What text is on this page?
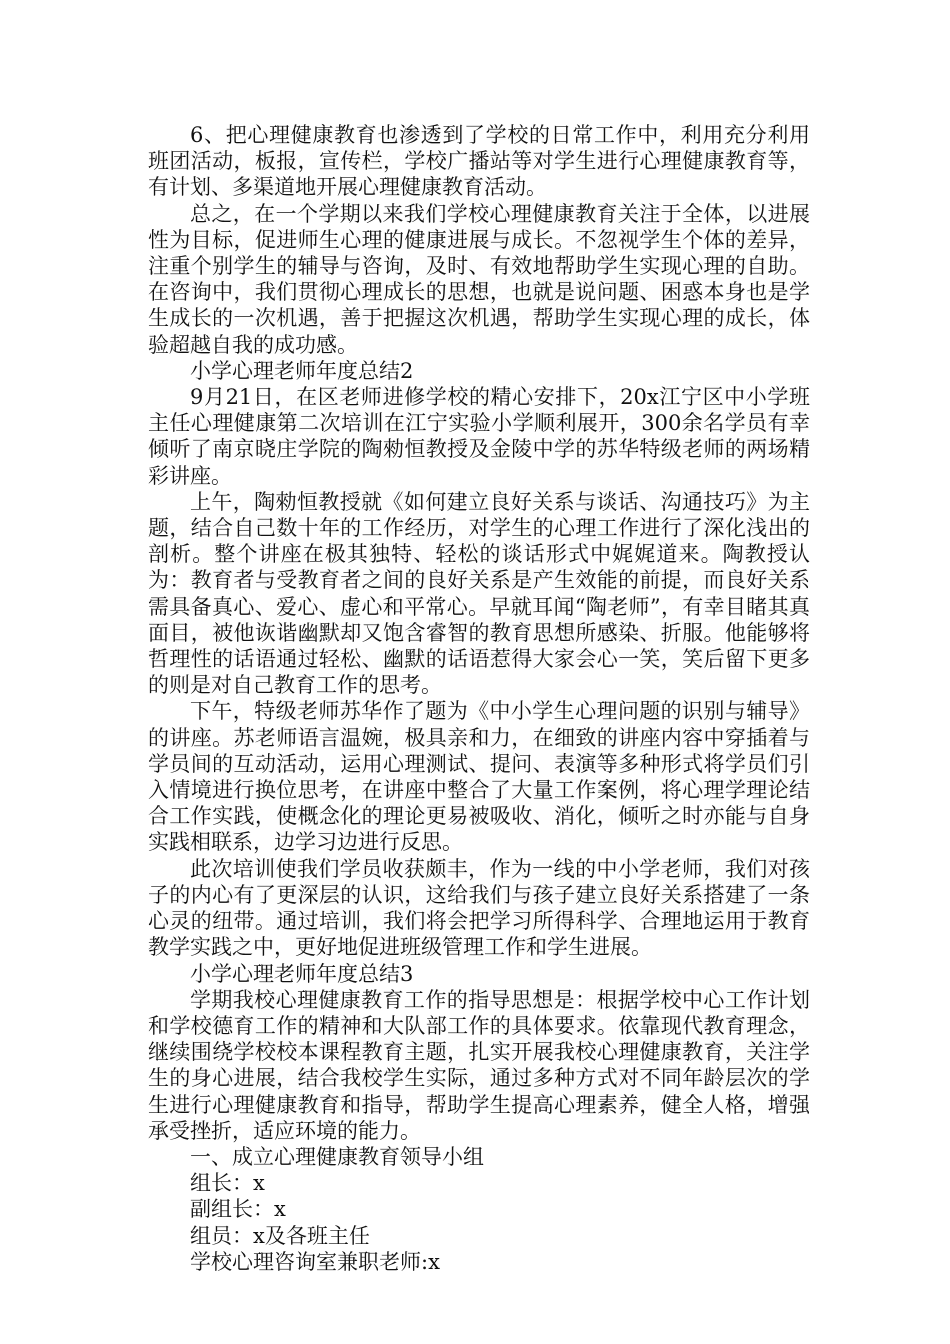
6、把心理健康教育也渗透到了学校的日常工作中，利用充分利用班团活动，板报，宣传栏，学校广播站等对学生进行心理健康教育等，有计划、多渠道地开展心理健康教育活动。

总之，在一个学期以来我们学校心理健康教育关注于全体，以进展性为目标，促进师生心理的健康进展与成长。不忽视学生个体的差异，注重个别学生的辅导与咨询，及时、有效地帮助学生实现心理的自助。在咨询中，我们贯彻心理成长的思想，也就是说问题、困惑本身也是学生成长的一次机遇，善于把握这次机遇，帮助学生实现心理的成长，体验超越自我的成功感。

小学心理老师年度总结2

9月21日，在区老师进修学校的精心安排下，20x江宁区中小学班主任心理健康第二次培训在江宁实验小学顺利展开，300余名学员有幸倾听了南京晓庄学院的陶勑恒教授及金陵中学的苏华特级老师的两场精彩讲座。

上午，陶勑恒教授就《如何建立良好关系与谈话、沟通技巧》为主题，结合自己数十年的工作经历，对学生的心理工作进行了深化浅出的剖析。整个讲座在极其独特、轻松的谈话形式中娓娓道来。陶教授认为：教育者与受教育者之间的良好关系是产生效能的前提，而良好关系需具备真心、爱心、虚心和平常心。早就耳闻“陶老师”，有幸目睹其真面目，被他诙谐幽默却又饱含睿智的教育思想所感染、折服。他能够将哲理性的话语通过轻松、幽默的话语惹得大家会心一笑，笑后留下更多的则是对自己教育工作的思考。

下午，特级老师苏华作了题为《中小学生心理问题的识别与辅导》的讲座。苏老师语言温婉，极具亲和力，在细致的讲座内容中穿插着与学员间的互动活动，运用心理测试、提问、表演等多种形式将学员们引入情境进行换位思考，在讲座中整合了大量工作案例，将心理学理论结合工作实践，使概念化的理论更易被吸收、消化，倾听之时亦能与自身实践相联系，边学习边进行反思。

此次培训使我们学员收获颇丰，作为一线的中小学老师，我们对孩子的内心有了更深层的认识，这给我们与孩子建立良好关系搭建了一条心灵的纽带。通过培训，我们将会把学习所得科学、合理地运用于教育教学实践之中，更好地促进班级管理工作和学生进展。

小学心理老师年度总结3

学期我校心理健康教育工作的指导思想是：根据学校中心工作计划和学校德育工作的精神和大队部工作的具体要求。依靠现代教育理念，继续围绕学校校本课程教育主题，扎实开展我校心理健康教育，关注学生的身心进展，结合我校学生实际，通过多种方式对不同年龄层次的学生进行心理健康教育和指导，帮助学生提高心理素养，健全人格，增强承受挫折，适应环境的能力。

一、成立心理健康教育领导小组

组长：x

副组长：x

组员：x及各班主任

学校心理咨询室兼职老师:x
